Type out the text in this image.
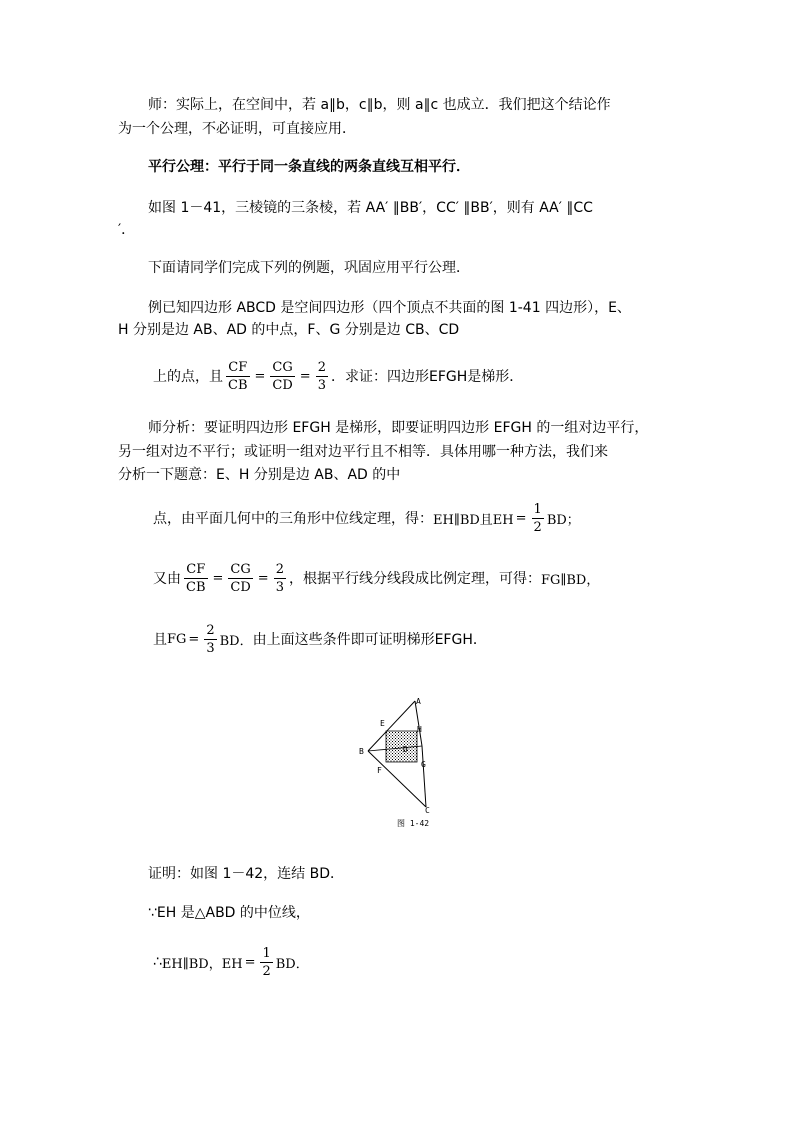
师：实际上，在空间中，若 a∥b，c∥b，则 a∥c 也成立．我们把这个结论作
为一个公理，不必证明，可直接应用．
平行公理：平行于同一条直线的两条直线互相平行．
如图 1－41，三棱镜的三条棱，若 AA′ ∥BB′，CC′ ∥BB′，则有 AA′ ∥CC
′．
下面请同学们完成下列的例题，巩固应用平行公理．
例已知四边形 ABCD 是空间四边形（四个顶点不共面的图 1-41 四边形），E、
H 分别是边 AB、AD 的中点，F、G 分别是边 CB、CD
上的点，且 $\frac{CF}{CB} = \frac{CG}{CD} = \frac{2}{3}$ ．求证：四边形EFGH是梯形．
师分析：要证明四边形 EFGH 是梯形，即要证明四边形 EFGH 的一组对边平行，
另一组对边不平行；或证明一组对边平行且不相等．具体用哪一种方法，我们来
分析一下题意：E、H 分别是边 AB、AD 的中
点，由平面几何中的三角形中位线定理，得： EH∥BD且EH = $\frac{1}{2}$ BD；
又由 $\frac{CF}{CB} = \frac{CG}{CD} = \frac{2}{3}$ ，根据平行线分线段成比例定理，可得： FG∥BD，
且 FG = $\frac{2}{3}$ BD． 由上面这些条件即可证明梯形EFGH．
A
B
C
D
E
F
G
H
图 1-42
证明：如图 1－42，连结 BD．
∵EH 是△ABD 的中位线，
∴ EH∥BD，EH = $\frac{1}{2}$ BD．
